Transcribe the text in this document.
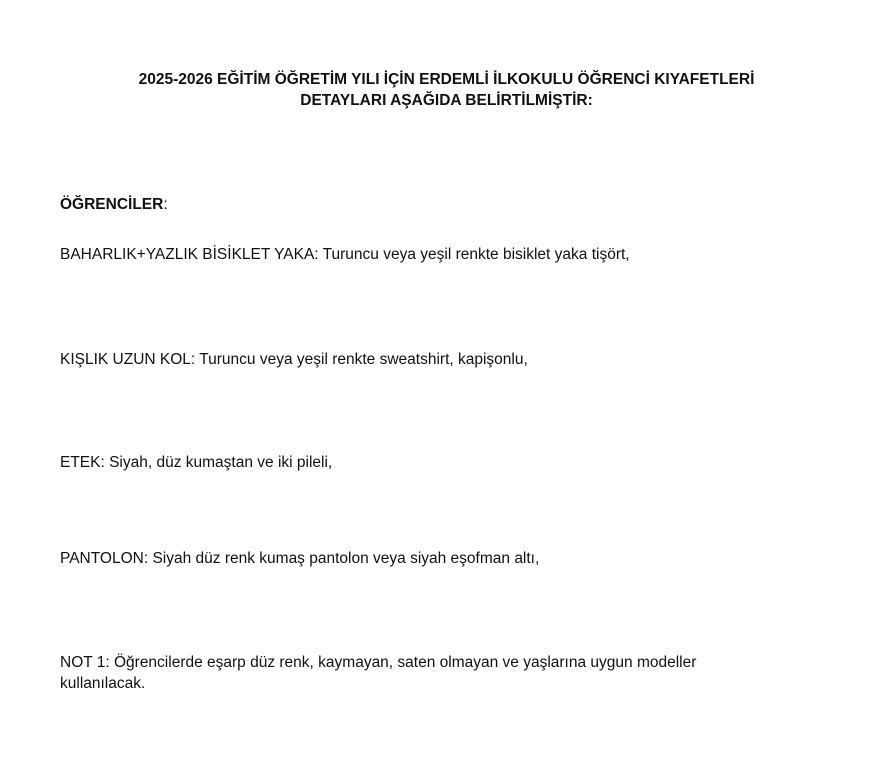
2025-2026 EĞİTİM ÖĞRETİM YILI İÇİN ERDEMLİ İLKOKULU ÖĞRENCİ KIYAFETLERİ
DETAYLARI AŞAĞIDA BELİRTİLMİŞTİR:
ÖĞRENCİLER:
BAHARLIK+YAZLIK BİSİKLET YAKA: Turuncu veya yeşil renkte bisiklet yaka tişört,
KIŞLIK UZUN KOL: Turuncu veya yeşil renkte sweatshirt, kapişonlu,
ETEK: Siyah, düz kumaştan ve iki pileli,
PANTOLON: Siyah düz renk kumaş pantolon veya siyah eşofman altı,
NOT 1: Öğrencilerde eşarp düz renk, kaymayan, saten olmayan ve yaşlarına uygun modeller
kullanılacak.
